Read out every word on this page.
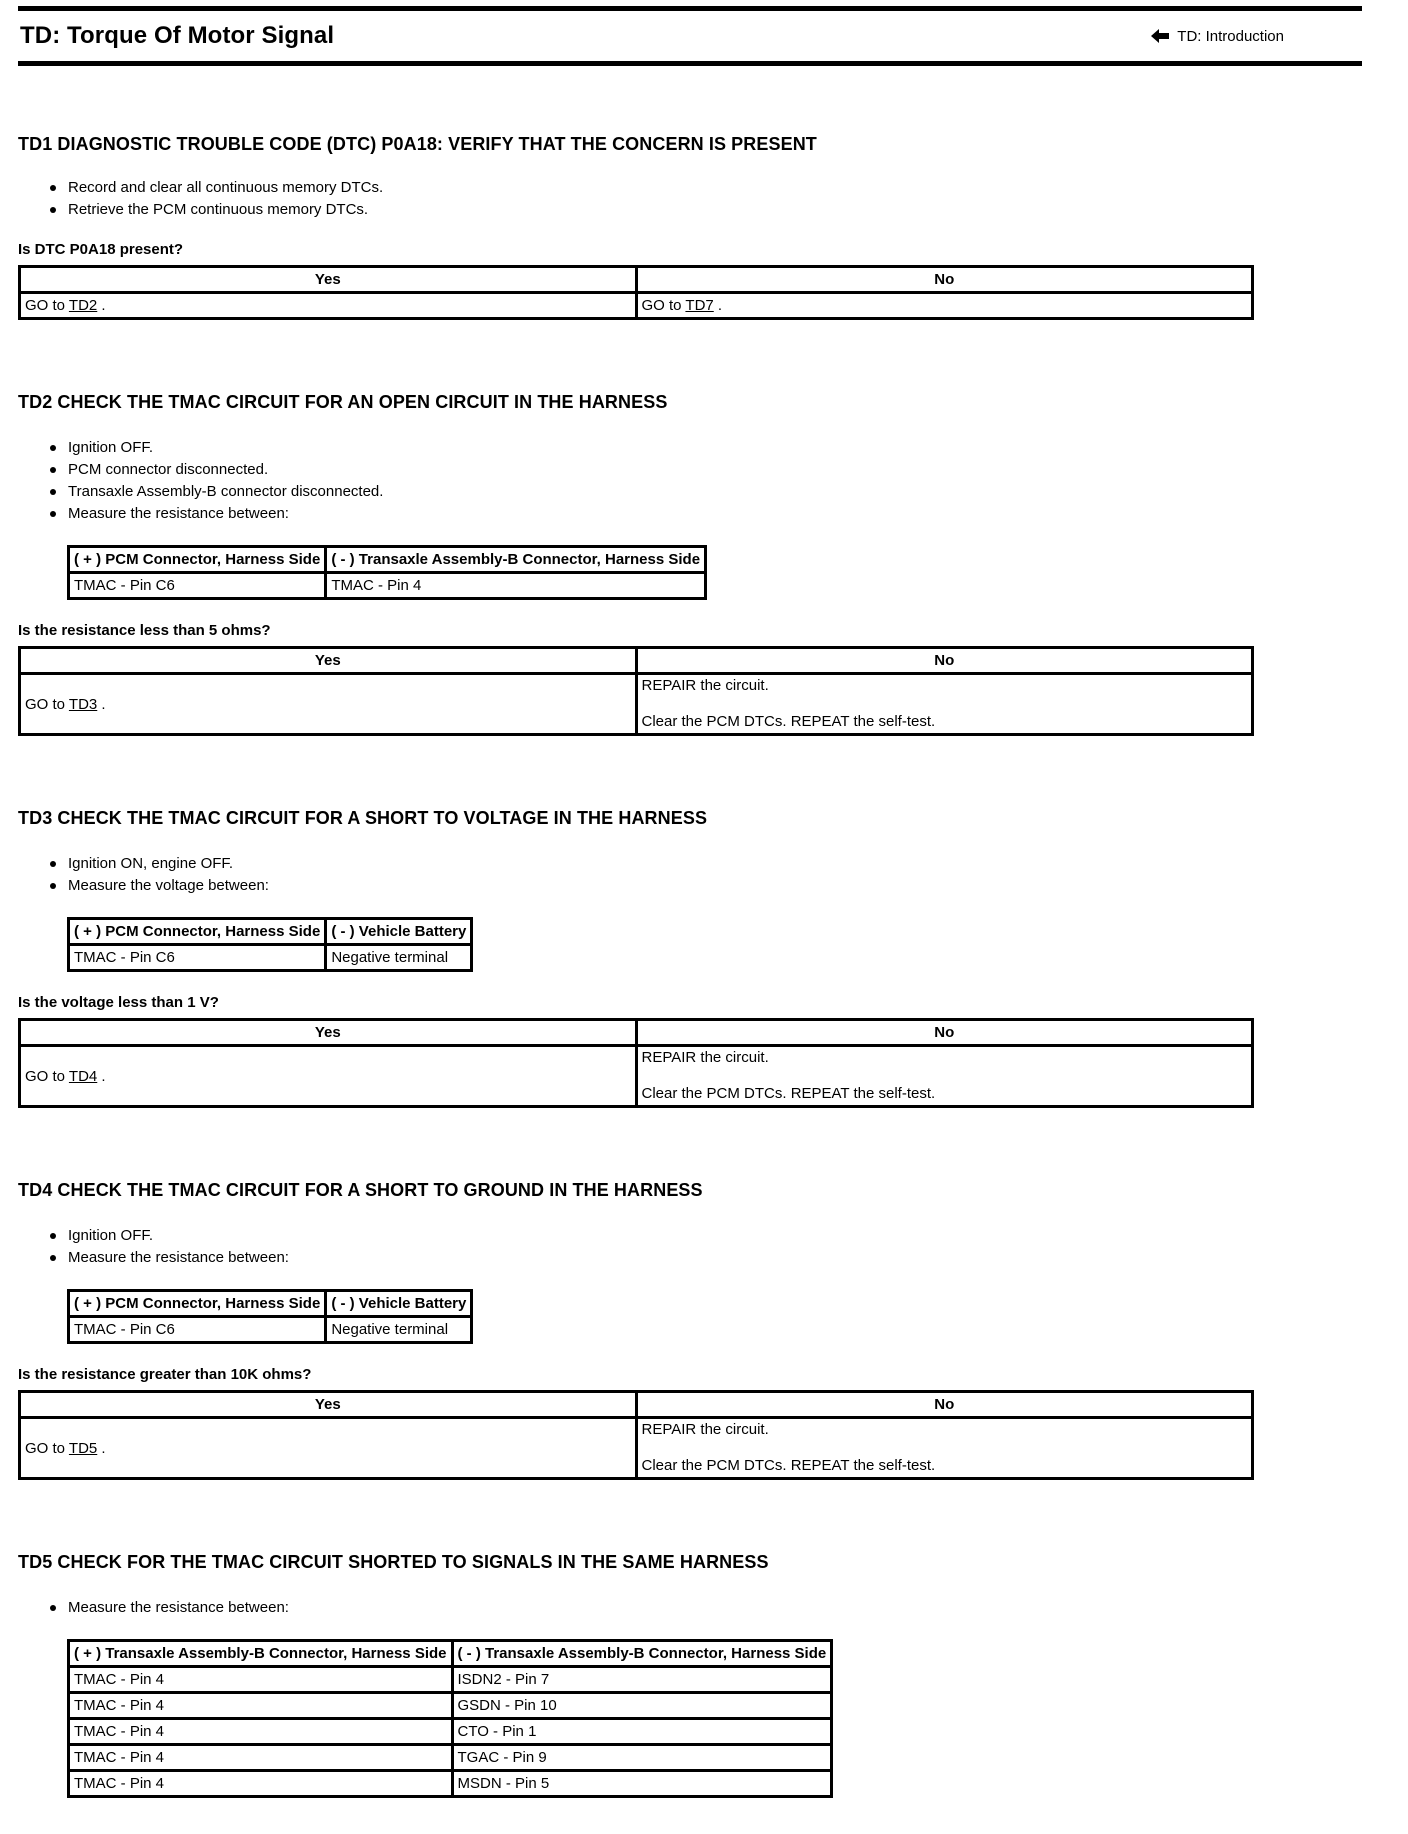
TD: Torque Of Motor Signal	TD: Introduction
TD1 DIAGNOSTIC TROUBLE CODE (DTC) P0A18: VERIFY THAT THE CONCERN IS PRESENT
Record and clear all continuous memory DTCs.
Retrieve the PCM continuous memory DTCs.
Is DTC P0A18 present?
Yes	No
GO to TD2 .	GO to TD7 .
TD2 CHECK THE TMAC CIRCUIT FOR AN OPEN CIRCUIT IN THE HARNESS
Ignition OFF.
PCM connector disconnected.
Transaxle Assembly-B connector disconnected.
Measure the resistance between:
( + ) PCM Connector, Harness Side	( - ) Transaxle Assembly-B Connector, Harness Side
TMAC - Pin C6	TMAC - Pin 4
Is the resistance less than 5 ohms?
Yes	No
GO to TD3 .	REPAIR the circuit.
Clear the PCM DTCs. REPEAT the self-test.
TD3 CHECK THE TMAC CIRCUIT FOR A SHORT TO VOLTAGE IN THE HARNESS
Ignition ON, engine OFF.
Measure the voltage between:
( + ) PCM Connector, Harness Side	( - ) Vehicle Battery
TMAC - Pin C6	Negative terminal
Is the voltage less than 1 V?
Yes	No
GO to TD4 .	REPAIR the circuit.
Clear the PCM DTCs. REPEAT the self-test.
TD4 CHECK THE TMAC CIRCUIT FOR A SHORT TO GROUND IN THE HARNESS
Ignition OFF.
Measure the resistance between:
( + ) PCM Connector, Harness Side	( - ) Vehicle Battery
TMAC - Pin C6	Negative terminal
Is the resistance greater than 10K ohms?
Yes	No
GO to TD5 .	REPAIR the circuit.
Clear the PCM DTCs. REPEAT the self-test.
TD5 CHECK FOR THE TMAC CIRCUIT SHORTED TO SIGNALS IN THE SAME HARNESS
Measure the resistance between:
( + ) Transaxle Assembly-B Connector, Harness Side	( - ) Transaxle Assembly-B Connector, Harness Side
TMAC - Pin 4	ISDN2 - Pin 7
TMAC - Pin 4	GSDN - Pin 10
TMAC - Pin 4	CTO - Pin 1
TMAC - Pin 4	TGAC - Pin 9
TMAC - Pin 4	MSDN - Pin 5
